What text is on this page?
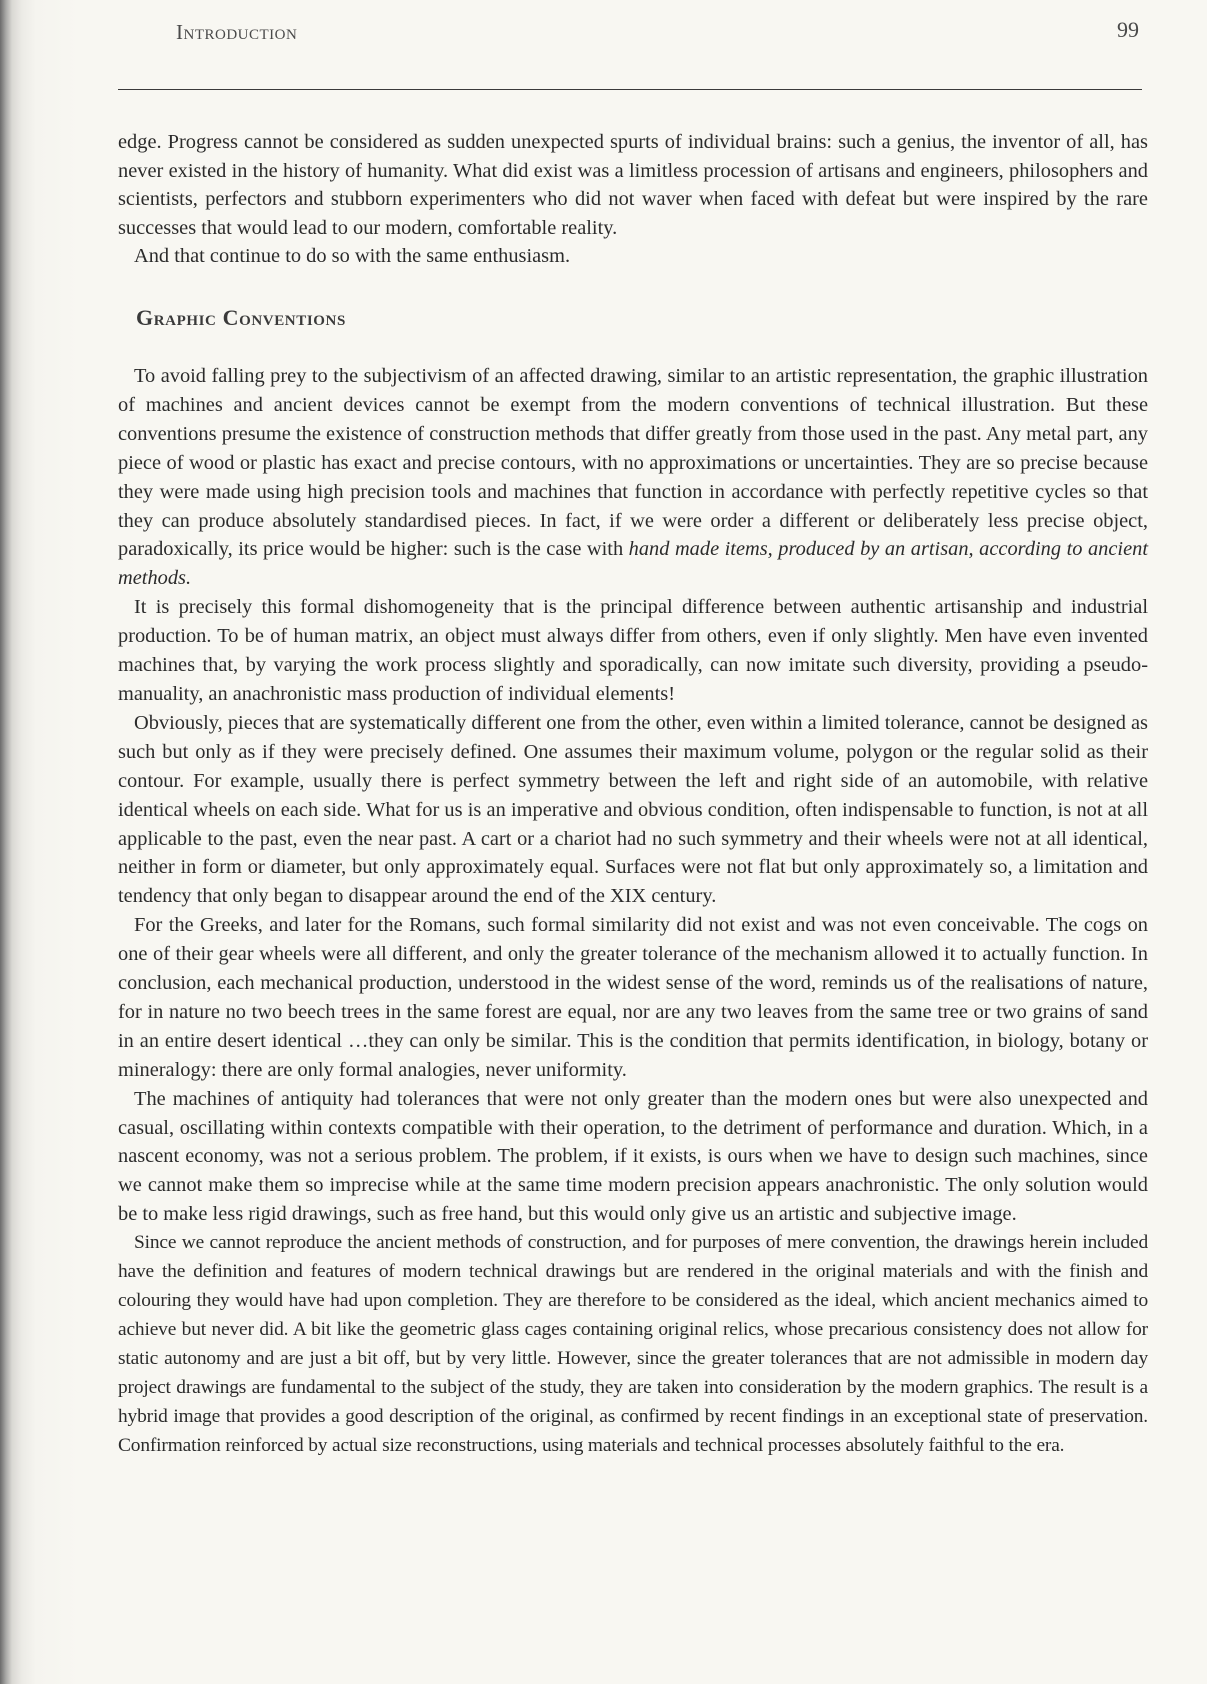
Introduction	99

edge. Progress cannot be considered as sudden unexpected spurts of individual brains: such a genius, the inventor of all, has never existed in the history of humanity. What did exist was a limitless procession of artisans and engineers, philosophers and scientists, perfectors and stubborn experimenters who did not waver when faced with defeat but were inspired by the rare successes that would lead to our modern, comfortable reality.

And that continue to do so with the same enthusiasm.

Graphic Conventions

To avoid falling prey to the subjectivism of an affected drawing, similar to an artistic representation, the graphic illustration of machines and ancient devices cannot be exempt from the modern conventions of technical illustration. But these conventions presume the existence of construction methods that differ greatly from those used in the past. Any metal part, any piece of wood or plastic has exact and precise contours, with no approximations or uncertainties. They are so precise because they were made using high precision tools and machines that function in accordance with perfectly repetitive cycles so that they can produce absolutely standardised pieces. In fact, if we were order a different or deliberately less precise object, paradoxically, its price would be higher: such is the case with hand made items, produced by an artisan, according to ancient methods.

It is precisely this formal dishomogeneity that is the principal difference between authentic artisanship and industrial production. To be of human matrix, an object must always differ from others, even if only slightly. Men have even invented machines that, by varying the work process slightly and sporadically, can now imitate such diversity, providing a pseudo-manuality, an anachronistic mass production of individual elements!

Obviously, pieces that are systematically different one from the other, even within a limited tolerance, cannot be designed as such but only as if they were precisely defined. One assumes their maximum volume, polygon or the regular solid as their contour. For example, usually there is perfect symmetry between the left and right side of an automobile, with relative identical wheels on each side. What for us is an imperative and obvious condition, often indispensable to function, is not at all applicable to the past, even the near past. A cart or a chariot had no such symmetry and their wheels were not at all identical, neither in form or diameter, but only approximately equal. Surfaces were not flat but only approximately so, a limitation and tendency that only began to disappear around the end of the XIX century.

For the Greeks, and later for the Romans, such formal similarity did not exist and was not even conceivable. The cogs on one of their gear wheels were all different, and only the greater tolerance of the mechanism allowed it to actually function. In conclusion, each mechanical production, understood in the widest sense of the word, reminds us of the realisations of nature, for in nature no two beech trees in the same forest are equal, nor are any two leaves from the same tree or two grains of sand in an entire desert identical …they can only be similar. This is the condition that permits identification, in biology, botany or mineralogy: there are only formal analogies, never uniformity.

The machines of antiquity had tolerances that were not only greater than the modern ones but were also unexpected and casual, oscillating within contexts compatible with their operation, to the detriment of performance and duration. Which, in a nascent economy, was not a serious problem. The problem, if it exists, is ours when we have to design such machines, since we cannot make them so imprecise while at the same time modern precision appears anachronistic. The only solution would be to make less rigid drawings, such as free hand, but this would only give us an artistic and subjective image.

Since we cannot reproduce the ancient methods of construction, and for purposes of mere convention, the drawings herein included have the definition and features of modern technical drawings but are rendered in the original materials and with the finish and colouring they would have had upon completion. They are therefore to be considered as the ideal, which ancient mechanics aimed to achieve but never did. A bit like the geometric glass cages containing original relics, whose precarious consistency does not allow for static autonomy and are just a bit off, but by very little. However, since the greater tolerances that are not admissible in modern day project drawings are fundamental to the subject of the study, they are taken into consideration by the modern graphics. The result is a hybrid image that provides a good description of the original, as confirmed by recent findings in an exceptional state of preservation. Confirmation reinforced by actual size reconstructions, using materials and technical processes absolutely faithful to the era.
